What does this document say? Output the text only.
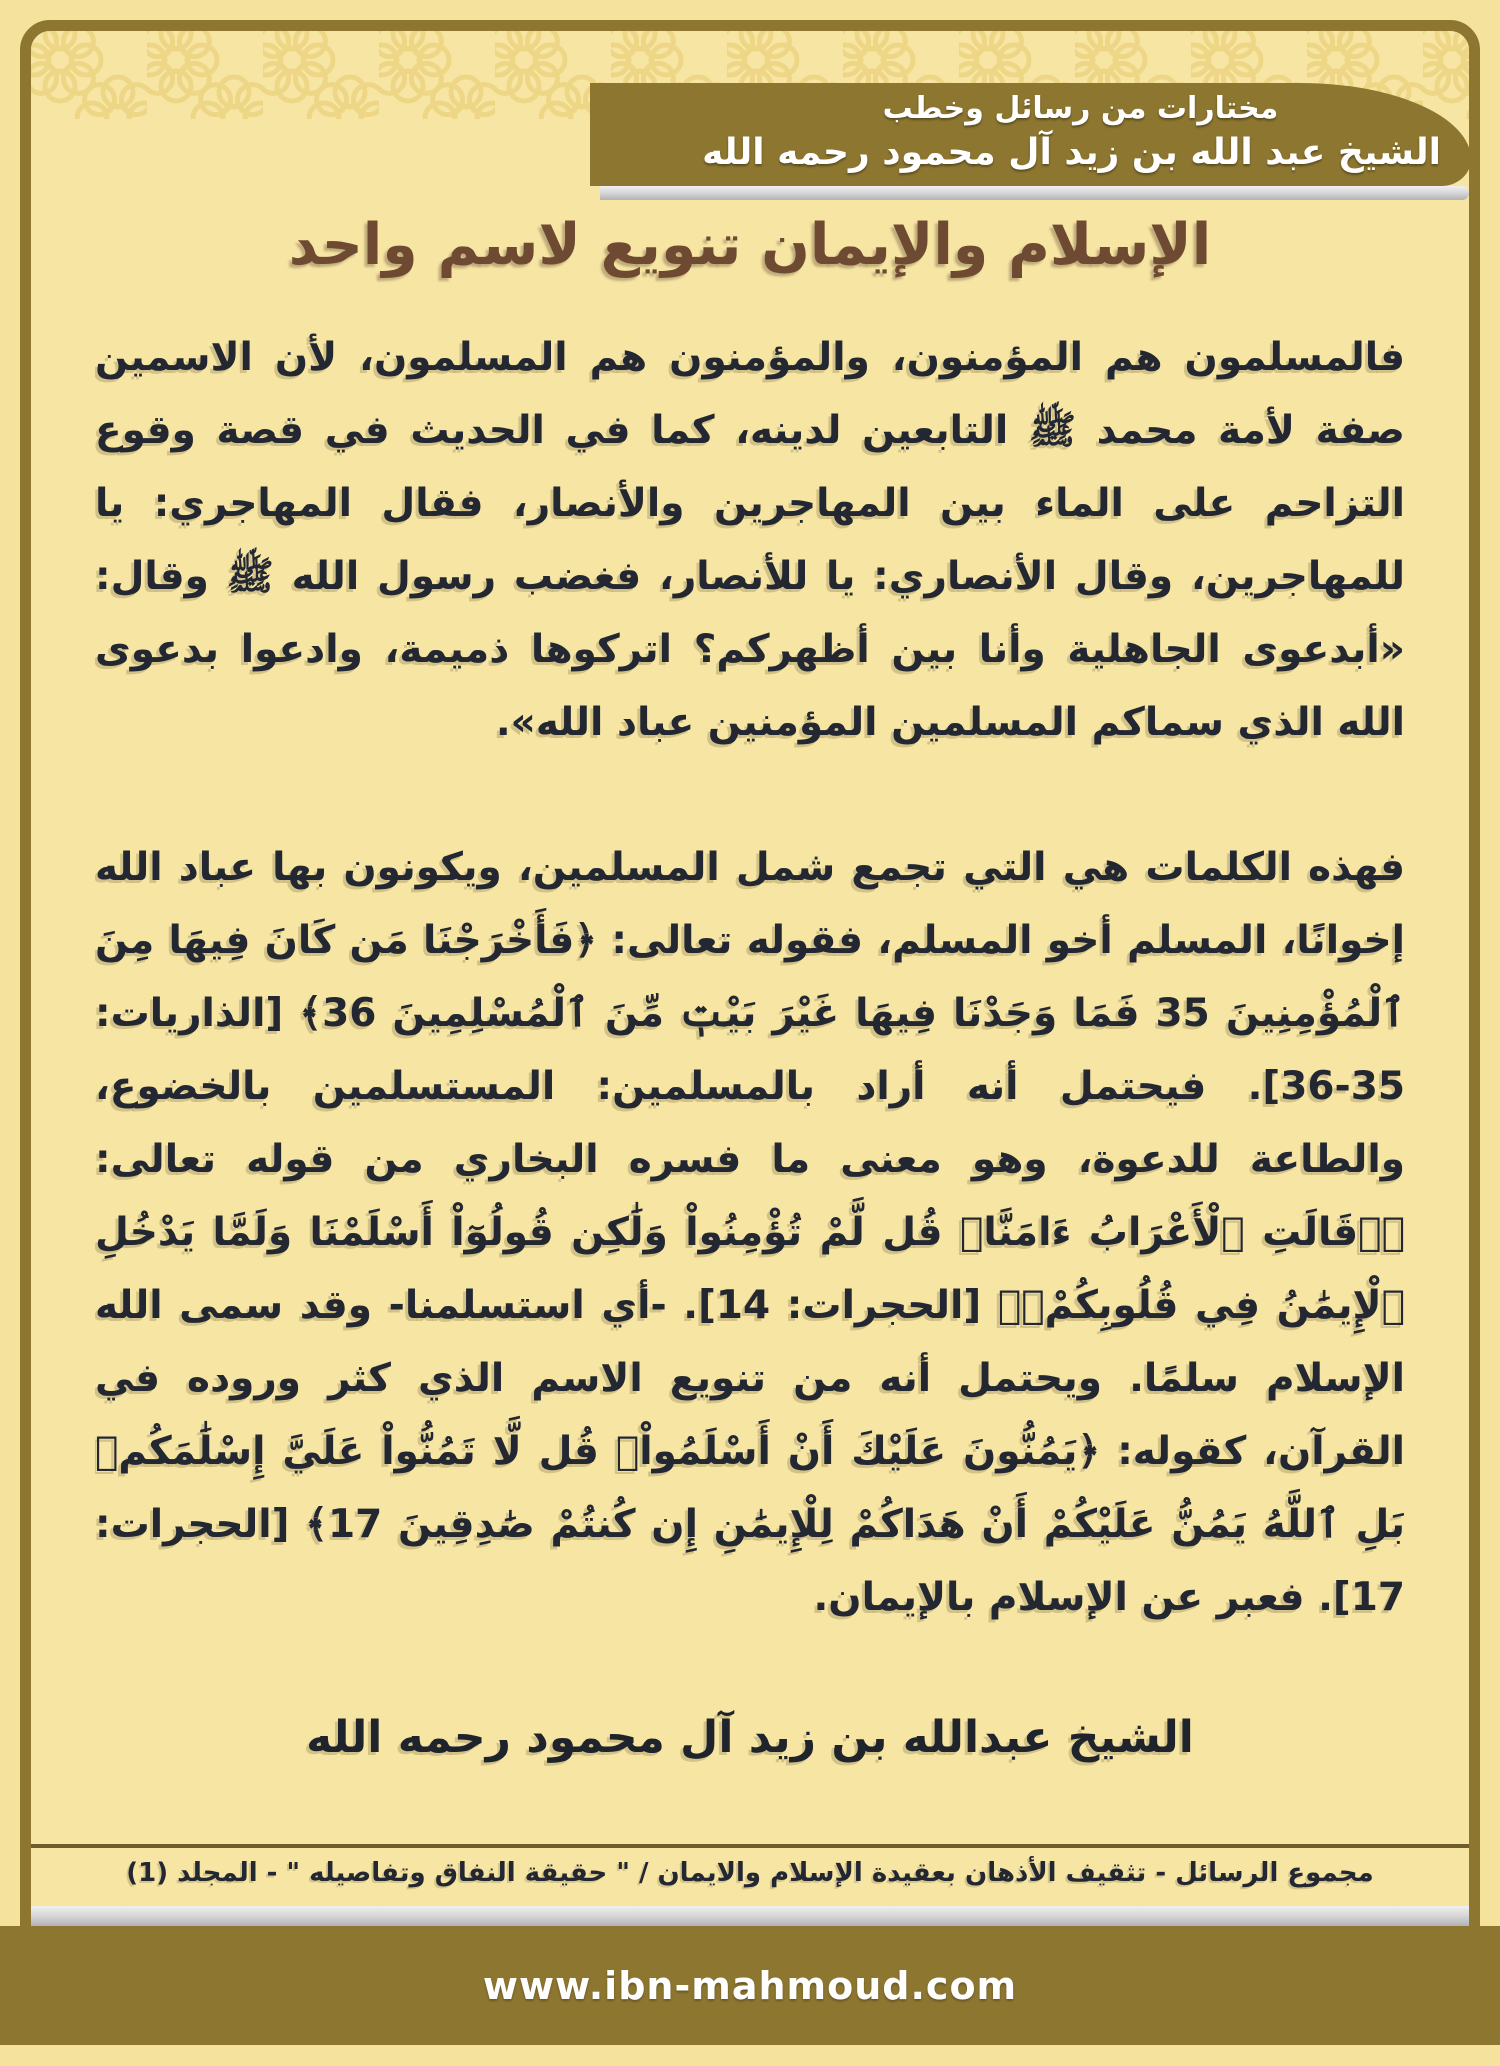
مختارات من رسائل وخطب
الشيخ عبد الله بن زيد آل محمود رحمه الله
الإسلام والإيمان تنويع لاسم واحد

فالمسلمون هم المؤمنون، والمؤمنون هم المسلمون، لأن الاسمين صفة لأمة محمد ﷺ التابعين لدينه، كما في الحديث في قصة وقوع التزاحم على الماء بين المهاجرين والأنصار، فقال المهاجري: يا للمهاجرين، وقال الأنصاري: يا للأنصار، فغضب رسول الله ﷺ وقال: «أبدعوى الجاهلية وأنا بين أظهركم؟ اتركوها ذميمة، وادعوا بدعوى الله الذي سماكم المسلمين المؤمنين عباد الله».

فهذه الكلمات هي التي تجمع شمل المسلمين، ويكونون بها عباد الله إخوانًا، المسلم أخو المسلم، فقوله تعالى: ﴿فَأَخْرَجْنَا مَن كَانَ فِيهَا مِنَ ٱلْمُؤْمِنِينَ 35 فَمَا وَجَدْنَا فِيهَا غَيْرَ بَيْتٖ مِّنَ ٱلْمُسْلِمِينَ 36﴾ [الذاريات: 35-36]. فيحتمل أنه أراد بالمسلمين: المستسلمين بالخضوع، والطاعة للدعوة، وهو معنى ما فسره البخاري من قوله تعالى: ﴿۞قَالَتِ ٱلْأَعْرَابُ ءَامَنَّاۖ قُل لَّمْ تُؤْمِنُواْ وَلَٰكِن قُولُوٓاْ أَسْلَمْنَا وَلَمَّا يَدْخُلِ ٱلْإِيمَٰنُ فِي قُلُوبِكُمْۖ﴾ [الحجرات: 14]. -أي استسلمنا- وقد سمى الله الإسلام سلمًا. ويحتمل أنه من تنويع الاسم الذي كثر وروده في القرآن، كقوله: ﴿يَمُنُّونَ عَلَيْكَ أَنْ أَسْلَمُواْۖ قُل لَّا تَمُنُّواْ عَلَيَّ إِسْلَٰمَكُمۖ بَلِ ٱللَّهُ يَمُنُّ عَلَيْكُمْ أَنْ هَدَاكُمْ لِلْإِيمَٰنِ إِن كُنتُمْ صَٰدِقِينَ 17﴾ [الحجرات: 17]. فعبر عن الإسلام بالإيمان.

الشيخ عبدالله بن زيد آل محمود رحمه الله
مجموع الرسائل - تثقيف الأذهان بعقيدة الإسلام والايمان / " حقيقة النفاق وتفاصيله " - المجلد (1)
www.ibn-mahmoud.com
